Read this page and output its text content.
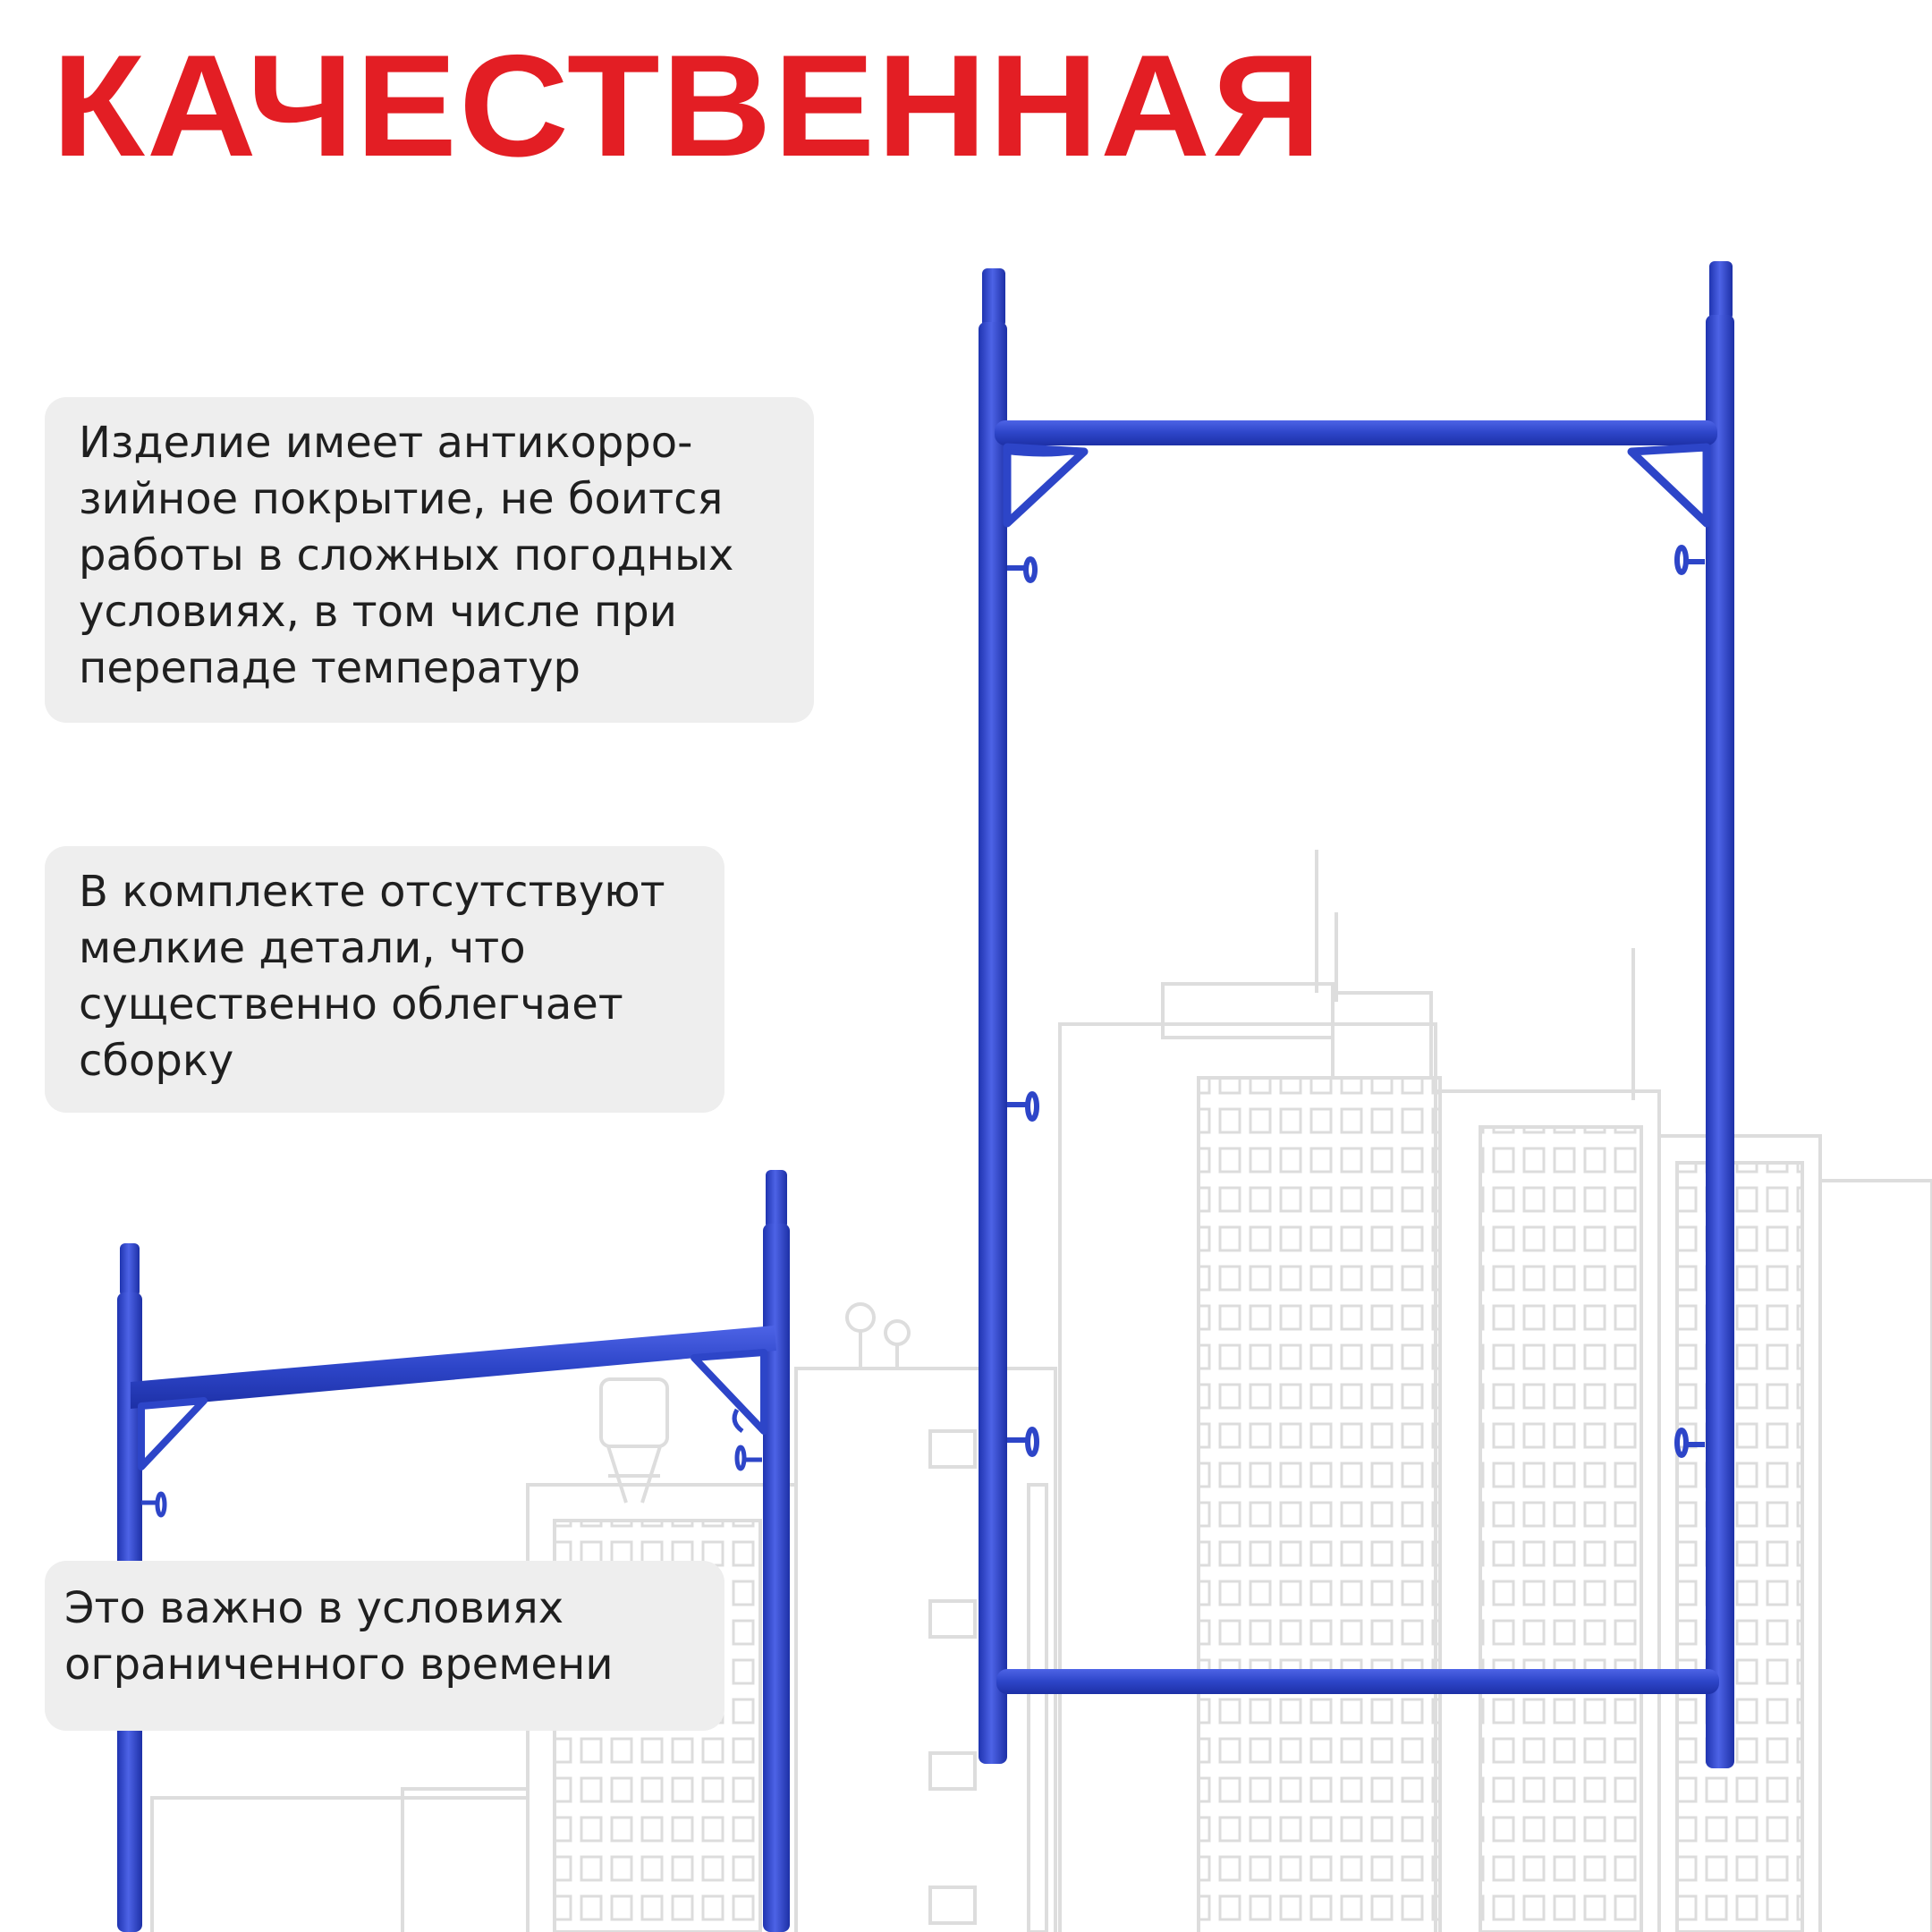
КАЧЕСТВЕННАЯ

Изделие имеет антикорро-
зийное покрытие, не боится
работы в сложных погодных
условиях, в том числе при
перепаде температур

В комплекте отсутствуют
мелкие детали, что
существенно облегчает
сборку

Это важно в условиях
ограниченного времени
